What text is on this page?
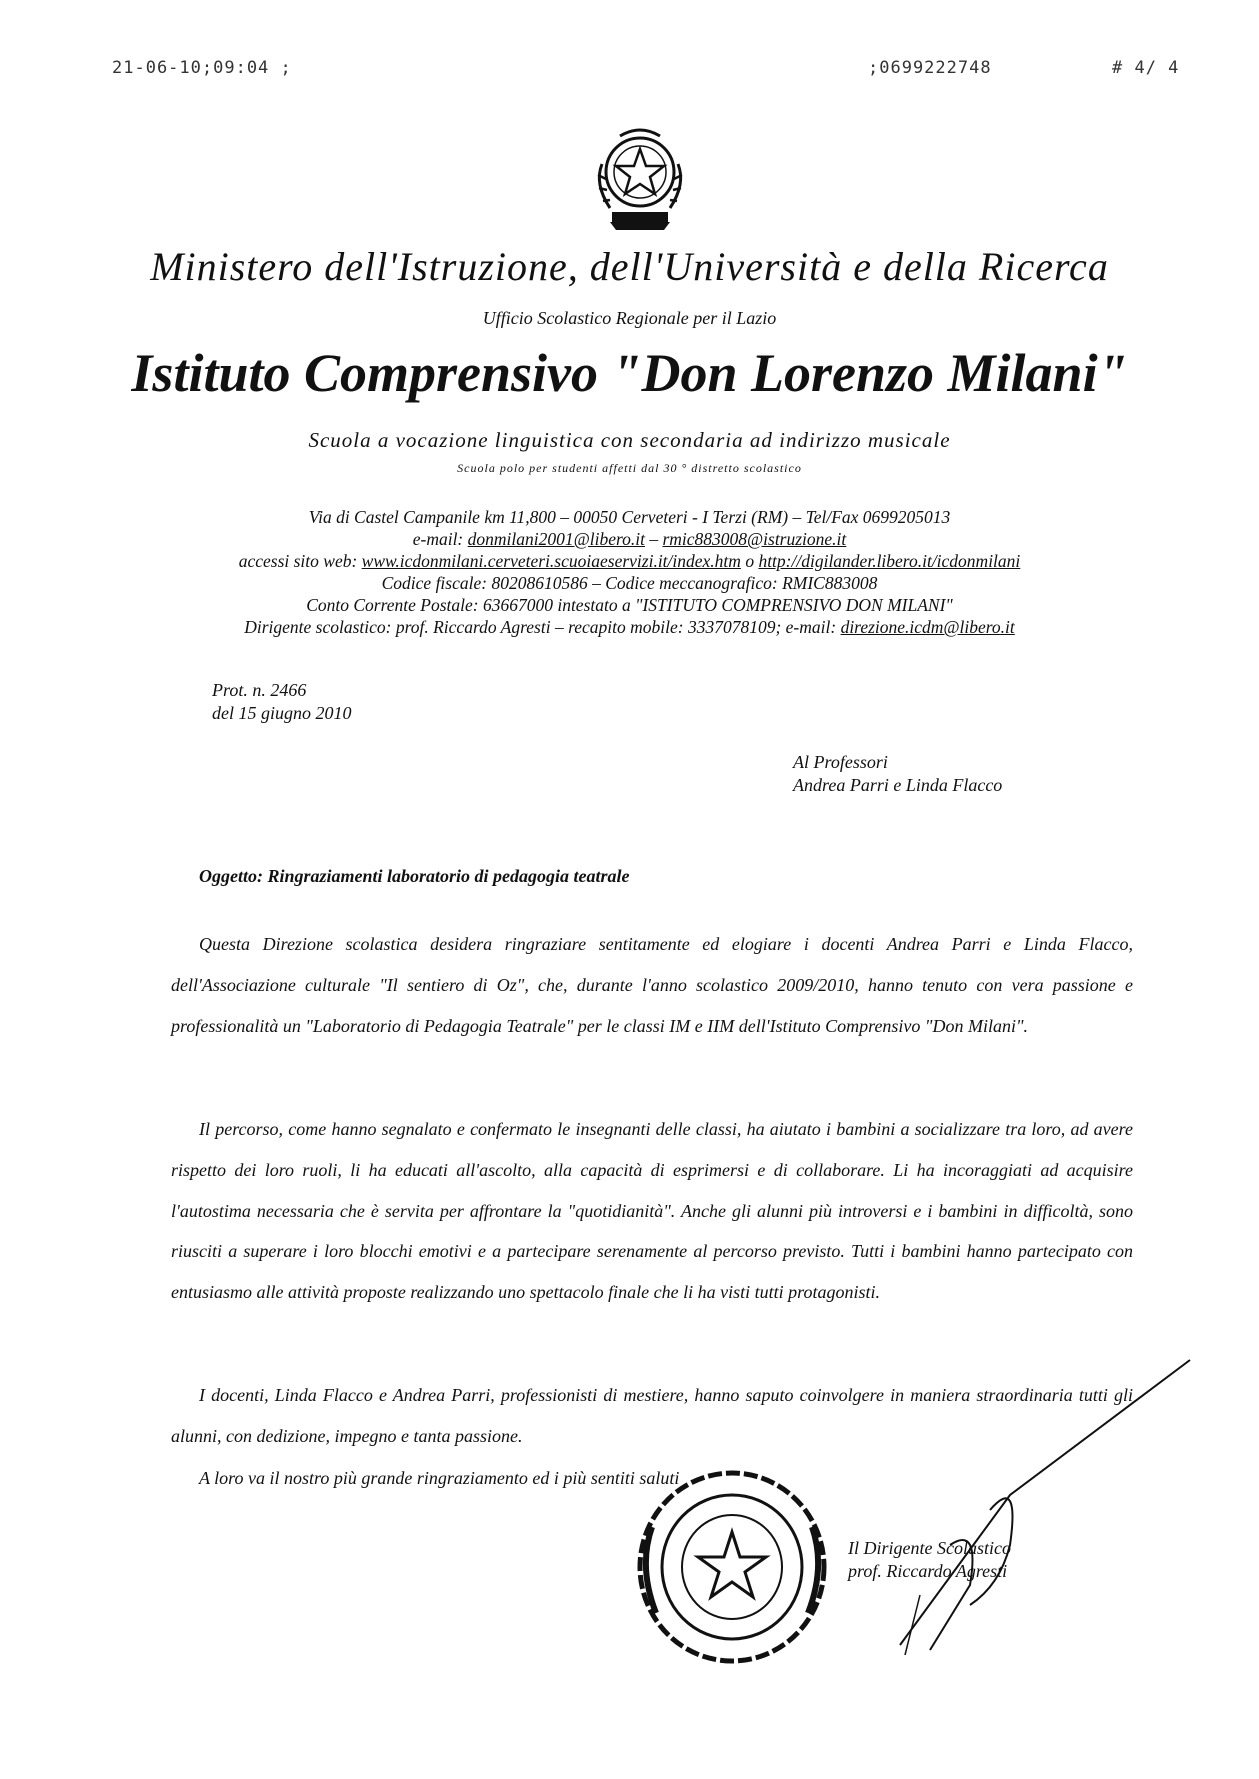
21-06-10;09:04 ;	;0699222748	# 4/ 4
Ministero dell'Istruzione, dell'Università e della Ricerca
Ufficio Scolastico Regionale per il Lazio
Istituto Comprensivo "Don Lorenzo Milani"
Scuola a vocazione linguistica con secondaria ad indirizzo musicale
Scuola polo per studenti affetti dal 30 ° distretto scolastico
Via di Castel Campanile km 11,800 – 00050 Cerveteri - I Terzi (RM) – Tel/Fax 0699205013
e-mail: donmilani2001@libero.it – rmic883008@istruzione.it
accessi sito web: www.icdonmilani.cerveteri.scuoiaeservizi.it/index.htm o http://digilander.libero.it/icdonmilani
Codice fiscale: 80208610586 – Codice meccanografico: RMIC883008
Conto Corrente Postale: 63667000 intestato a "ISTITUTO COMPRENSIVO DON MILANI"
Dirigente scolastico: prof. Riccardo Agresti – recapito mobile: 3337078109; e-mail: direzione.icdm@libero.it
Prot. n. 2466
del 15 giugno 2010
Al Professori
Andrea Parri e Linda Flacco
Oggetto: Ringraziamenti laboratorio di pedagogia teatrale
Questa Direzione scolastica desidera ringraziare sentitamente ed elogiare i docenti Andrea Parri e Linda Flacco, dell'Associazione culturale "Il sentiero di Oz", che, durante l'anno scolastico 2009/2010, hanno tenuto con vera passione e professionalità un "Laboratorio di Pedagogia Teatrale" per le classi IM e IIM dell'Istituto Comprensivo "Don Milani".
Il percorso, come hanno segnalato e confermato le insegnanti delle classi, ha aiutato i bambini a socializzare tra loro, ad avere rispetto dei loro ruoli, li ha educati all'ascolto, alla capacità di esprimersi e di collaborare. Li ha incoraggiati ad acquisire l'autostima necessaria che è servita per affrontare la "quotidianità". Anche gli alunni più introversi e i bambini in difficoltà, sono riusciti a superare i loro blocchi emotivi e a partecipare serenamente al percorso previsto. Tutti i bambini hanno partecipato con entusiasmo alle attività proposte realizzando uno spettacolo finale che li ha visti tutti protagonisti.
I docenti, Linda Flacco e Andrea Parri, professionisti di mestiere, hanno saputo coinvolgere in maniera straordinaria tutti gli alunni, con dedizione, impegno e tanta passione.
A loro va il nostro più grande ringraziamento ed i più sentiti saluti
Il Dirigente Scolastico
prof. Riccardo Agresti
